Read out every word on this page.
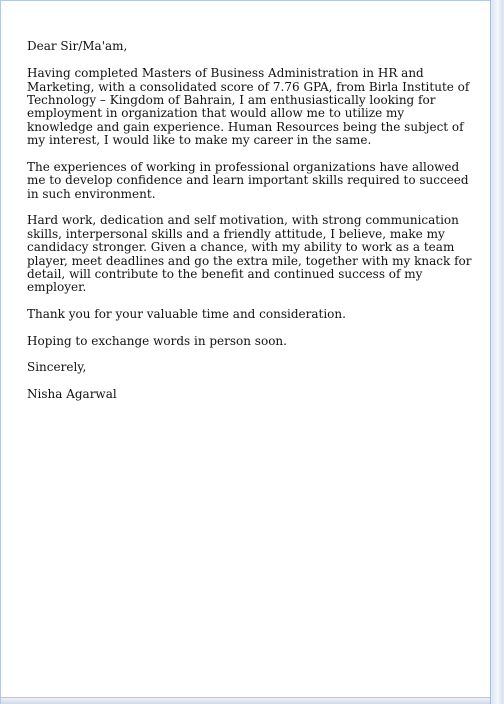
Dear Sir/Ma'am,

Having completed Masters of Business Administration in HR and Marketing, with a consolidated score of 7.76 GPA, from Birla Institute of Technology – Kingdom of Bahrain, I am enthusiastically looking for employment in organization that would allow me to utilize my knowledge and gain experience. Human Resources being the subject of my interest, I would like to make my career in the same.

The experiences of working in professional organizations have allowed me to develop confidence and learn important skills required to succeed in such environment.

Hard work, dedication and self motivation, with strong communication skills, interpersonal skills and a friendly attitude, I believe, make my candidacy stronger. Given a chance, with my ability to work as a team player, meet deadlines and go the extra mile, together with my knack for detail, will contribute to the benefit and continued success of my employer.

Thank you for your valuable time and consideration.

Hoping to exchange words in person soon.

Sincerely,

Nisha Agarwal
